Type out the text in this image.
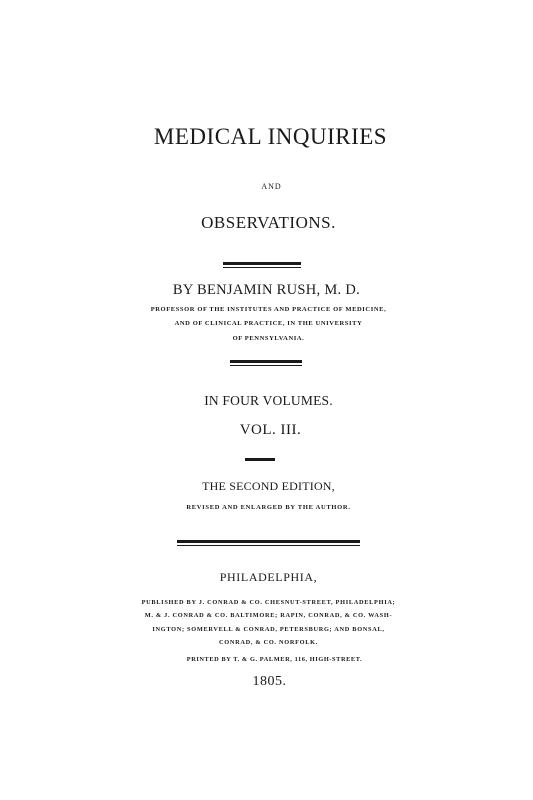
MEDICAL INQUIRIES
AND
OBSERVATIONS.
BY BENJAMIN RUSH, M. D.
PROFESSOR OF THE INSTITUTES AND PRACTICE OF MEDICINE,
AND OF CLINICAL PRACTICE, IN THE UNIVERSITY
OF PENNSYLVANIA.
IN FOUR VOLUMES.
VOL. III.
THE SECOND EDITION,
REVISED AND ENLARGED BY THE AUTHOR.
PHILADELPHIA,
PUBLISHED BY J. CONRAD & CO. CHESNUT-STREET, PHILADELPHIA;
M. & J. CONRAD & CO. BALTIMORE; RAPIN, CONRAD, & CO. WASH-
INGTON; SOMERVELL & CONRAD, PETERSBURG; AND BONSAL,
CONRAD, & CO. NORFOLK.
PRINTED BY T. & G. PALMER, 116, HIGH-STREET.
1805.
